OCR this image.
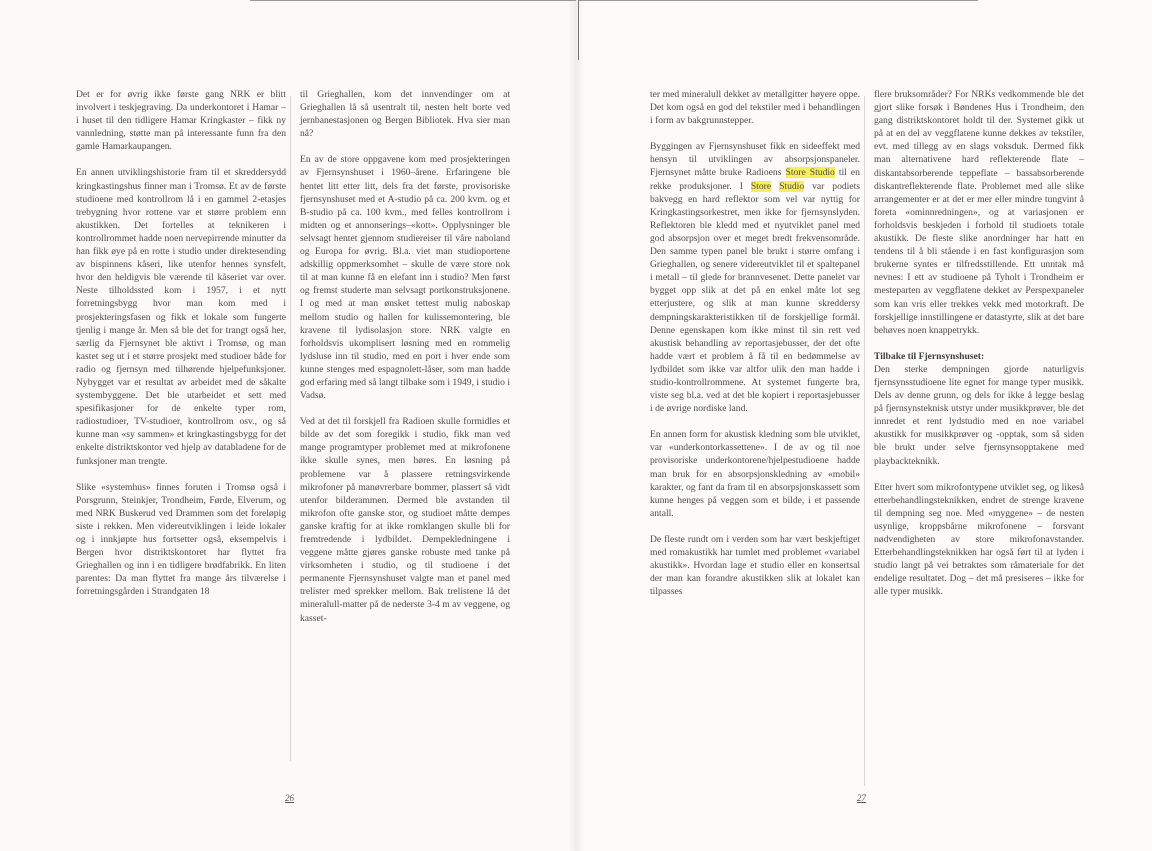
Det er for øvrig ikke første gang NRK er blitt involvert i teskjegraving. Da underkontoret i Hamar – i huset til den tidligere Hamar Kringkaster – fikk ny vannledning, støtte man på interessante funn fra den gamle Hamarkaupangen.

En annen utviklingshistorie fram til et skreddersydd kringkastingshus finner man i Tromsø. Et av de første studioene med kontrollrom lå i en gammel 2-etasjes trebygning hvor rottene var et større problem enn akustikken. Det fortelles at teknikeren i kontrollrommet hadde noen nervepirrende minutter da han fikk øye på en rotte i studio under direktesending av bispinnens kåseri, like utenfor hennes synsfelt, hvor den heldigvis ble værende til kåseriet var over. Neste tilholdssted kom i 1957, i et nytt forretningsbygg hvor man kom med i prosjekteringsfasen og fikk et lokale som fungerte tjenlig i mange år. Men så ble det for trangt også her, særlig da Fjernsynet ble aktivt i Tromsø, og man kastet seg ut i et større prosjekt med studioer både for radio og fjernsyn med tilhørende hjelpefunksjoner. Nybygget var et resultat av arbeidet med de såkalte systembyggene. Det ble utarbeidet et sett med spesifikasjoner for de enkelte typer rom, radiostudioer, TV-studioer, kontrollrom osv., og så kunne man «sy sammen» et kringkastingsbygg for det enkelte distriktskontor ved hjelp av databladene for de funksjoner man trengte.

Slike «systemhus» finnes foruten i Tromsø også i Porsgrunn, Steinkjer, Trondheim, Førde, Elverum, og med NRK Buskerud ved Drammen som det foreløpig siste i rekken. Men videreutviklingen i leide lokaler og i innkjøpte hus fortsetter også, eksempelvis i Bergen hvor distriktskontoret har flyttet fra Grieghallen og inn i en tidligere brødfabrikk. En liten parentes: Da man flyttet fra mange års tilværelse i forretningsgården i Strandgaten 18

til Grieghallen, kom det innvendinger om at Grieghallen lå så usentralt til, nesten helt borte ved jernbanestasjonen og Bergen Bibliotek. Hva sier man nå?

En av de store oppgavene kom med prosjekteringen av Fjernsynshuset i 1960–årene. Erfaringene ble hentet litt etter litt, dels fra det første, provisoriske fjernsynshuset med et A-studio på ca. 200 kvm. og et B-studio på ca. 100 kvm., med felles kontrollrom i midten og et annonserings–«kott». Opplysninger ble selvsagt hentet gjennom studiereiser til våre naboland og Europa for øvrig. Bl.a. viet man studioportene adskillig oppmerksomhet – skulle de være store nok til at man kunne få en elefant inn i studio? Men først og fremst studerte man selvsagt portkonstruksjonene. I og med at man ønsket tettest mulig naboskap mellom studio og hallen for kulissemontering, ble kravene til lydisolasjon store. NRK valgte en forholdsvis ukomplisert løsning med en rommelig lydsluse inn til studio, med en port i hver ende som kunne stenges med espagnolett-låser, som man hadde god erfaring med så langt tilbake som i 1949, i studio i Vadsø.

Ved at det til forskjell fra Radioen skulle formidles et bilde av det som foregikk i studio, fikk man ved mange programtyper problemet med at mikrofonene ikke skulle synes, men høres. En løsning på problemene var å plassere retningsvirkende mikrofoner på manøvrerbare bommer, plassert så vidt utenfor bilderammen. Dermed ble avstanden til mikrofon ofte ganske stor, og studioet måtte dempes ganske kraftig for at ikke romklangen skulle bli for fremtredende i lydbildet. Dempekledningene i veggene måtte gjøres ganske robuste med tanke på virksomheten i studio, og til studioene i det permanente Fjernsynshuset valgte man et panel med trelister med sprekker mellom. Bak trelistene lå det mineralull-matter på de nederste 3-4 m av veggene, og kasset-

ter med mineralull dekket av metallgitter høyere oppe. Det kom også en god del tekstiler med i behandlingen i form av bakgrunnstepper.

Byggingen av Fjernsynshuset fikk en sideeffekt med hensyn til utviklingen av absorpsjonspaneler. Fjernsynet måtte bruke Radioens Store Studio til en rekke produksjoner. I Store Studio var podiets bakvegg en hard reflektor som vel var nyttig for Kringkastingsorkestret, men ikke for fjernsynslyden. Reflektoren ble kledd med et nyutviklet panel med god absorpsjon over et meget bredt frekvensområde. Den samme typen panel ble brukt i større omfang i Grieghallen, og senere videreutviklet til et spaltepanel i metall – til glede for brannvesenet. Dette panelet var bygget opp slik at det på en enkel måte lot seg etterjustere, og slik at man kunne skreddersy dempningskarakteristikken til de forskjellige formål. Denne egenskapen kom ikke minst til sin rett ved akustisk behandling av reportasjebusser, der det ofte hadde vært et problem å få til en bedømmelse av lydbildet som ikke var altfor ulik den man hadde i studio-kontrollrommene. At systemet fungerte bra, viste seg bl.a. ved at det ble kopiert i reportasjebusser i de øvrige nordiske land.

En annen form for akustisk kledning som ble utviklet, var «underkontorkassettene». I de av og til noe provisoriske underkontorene/hjelpestudioene hadde man bruk for en absorpsjonskledning av «mobil» karakter, og fant da fram til en absorpsjonskassett som kunne henges på veggen som et bilde, i et passende antall.

De fleste rundt om i verden som har vært beskjeftiget med romakustikk har tumlet med problemet «variabel akustikk». Hvordan lage et studio eller en konsertsal der man kan forandre akustikken slik at lokalet kan tilpasses

flere bruksområder? For NRKs vedkommende ble det gjort slike forsøk i Bøndenes Hus i Trondheim, den gang distriktskontoret holdt til der. Systemet gikk ut på at en del av veggflatene kunne dekkes av tekstiler, evt. med tillegg av en slags voksduk. Dermed fikk man alternativene hard reflekterende flate – diskantabsorberende teppeflate – bassabsorberende diskantreflekterende flate. Problemet med alle slike arrangementer er at det er mer eller mindre tungvint å foreta «ominnredningen», og at variasjonen er forholdsvis beskjeden i forhold til studioets totale akustikk. De fleste slike anordninger har hatt en tendens til å bli stående i en fast konfigurasjon som brukerne syntes er tilfredsstillende. Ett unntak må nevnes: I ett av studioene på Tyholt i Trondheim er mesteparten av veggflatene dekket av Perspexpaneler som kan vris eller trekkes vekk med motorkraft. De forskjellige innstillingene er datastyrte, slik at det bare behøves noen knappetrykk.

Tilbake til Fjernsynshuset:

Den sterke dempningen gjorde naturligvis fjernsynsstudioene lite egnet for mange typer musikk. Dels av denne grunn, og dels for ikke å legge beslag på fjernsynsteknisk utstyr under musikkprøver, ble det innredet et rent lydstudio med en noe variabel akustikk for musikkprøver og -opptak, som så siden ble brukt under selve fjernsynsopptakene med playbackteknikk.

Etter hvert som mikrofontypene utviklet seg, og likeså etterbehandlingsteknikken, endret de strenge kravene til dempning seg noe. Med «myggene» – de nesten usynlige, kroppsbårne mikrofonene – forsvant nødvendigheten av store mikrofonavstander. Etterbehandlingsteknikken har også ført til at lyden i studio langt på vei betraktes som råmateriale for det endelige resultatet. Dog – det må presiseres – ikke for alle typer musikk.

26	27
